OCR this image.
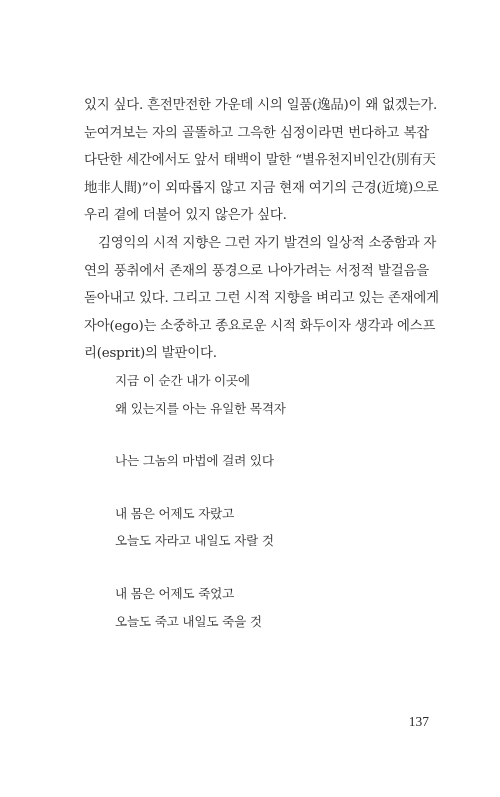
있지 싶다. 흔전만전한 가운데 시의 일품(逸品)이 왜 없겠는가.
눈여겨보는 자의 골똘하고 그윽한 심정이라면 번다하고 복잡
다단한 세간에서도 앞서 태백이 말한 “별유천지비인간(別有天
地非人間)”이 외따롭지 않고 지금 현재 여기의 근경(近境)으로
우리 곁에 더불어 있지 않은가 싶다.
김영익의 시적 지향은 그런 자기 발견의 일상적 소중함과 자
연의 풍취에서 존재의 풍경으로 나아가려는 서정적 발걸음을
돋아내고 있다. 그리고 그런 시적 지향을 벼리고 있는 존재에게
자아(ego)는 소중하고 종요로운 시적 화두이자 생각과 에스프
리(esprit)의 발판이다.
지금 이 순간 내가 이곳에
왜 있는지를 아는 유일한 목격자
나는 그놈의 마법에 걸려 있다
내 몸은 어제도 자랐고
오늘도 자라고 내일도 자랄 것
내 몸은 어제도 죽었고
오늘도 죽고 내일도 죽을 것
137
